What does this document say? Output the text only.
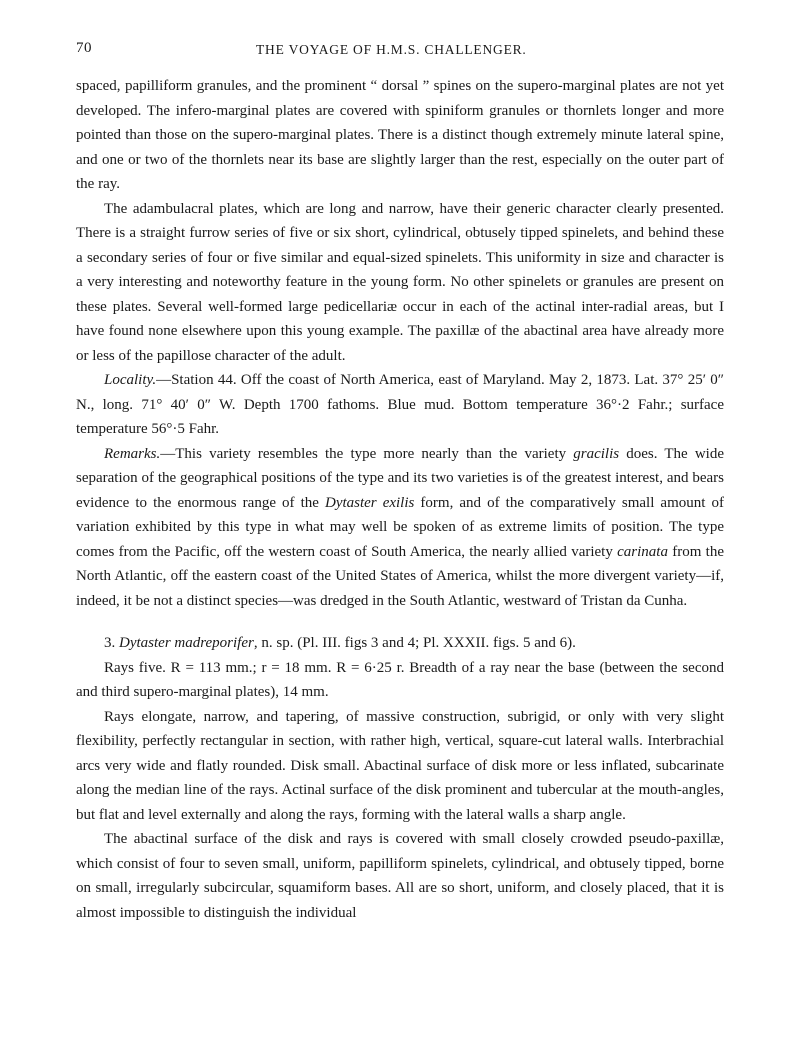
70	THE VOYAGE OF H.M.S. CHALLENGER.

spaced, papilliform granules, and the prominent “ dorsal ” spines on the supero-marginal plates are not yet developed. The infero-marginal plates are covered with spiniform granules or thornlets longer and more pointed than those on the supero-marginal plates. There is a distinct though extremely minute lateral spine, and one or two of the thornlets near its base are slightly larger than the rest, especially on the outer part of the ray.

The adambulacral plates, which are long and narrow, have their generic character clearly presented. There is a straight furrow series of five or six short, cylindrical, obtusely tipped spinelets, and behind these a secondary series of four or five similar and equal-sized spinelets. This uniformity in size and character is a very interesting and noteworthy feature in the young form. No other spinelets or granules are present on these plates. Several well-formed large pedicellariæ occur in each of the actinal inter-radial areas, but I have found none elsewhere upon this young example. The paxillæ of the abactinal area have already more or less of the papillose character of the adult.

Locality.—Station 44. Off the coast of North America, east of Maryland. May 2, 1873. Lat. 37° 25′ 0″ N., long. 71° 40′ 0″ W. Depth 1700 fathoms. Blue mud. Bottom temperature 36°·2 Fahr.; surface temperature 56°·5 Fahr.

Remarks.—This variety resembles the type more nearly than the variety gracilis does. The wide separation of the geographical positions of the type and its two varieties is of the greatest interest, and bears evidence to the enormous range of the Dytaster exilis form, and of the comparatively small amount of variation exhibited by this type in what may well be spoken of as extreme limits of position. The type comes from the Pacific, off the western coast of South America, the nearly allied variety carinata from the North Atlantic, off the eastern coast of the United States of America, whilst the more divergent variety—if, indeed, it be not a distinct species—was dredged in the South Atlantic, westward of Tristan da Cunha.

3. Dytaster madreporifer, n. sp. (Pl. III. figs 3 and 4; Pl. XXXII. figs. 5 and 6).

Rays five. R = 113 mm.; r = 18 mm. R = 6·25 r. Breadth of a ray near the base (between the second and third supero-marginal plates), 14 mm.

Rays elongate, narrow, and tapering, of massive construction, subrigid, or only with very slight flexibility, perfectly rectangular in section, with rather high, vertical, square-cut lateral walls. Interbrachial arcs very wide and flatly rounded. Disk small. Abactinal surface of disk more or less inflated, subcarinate along the median line of the rays. Actinal surface of the disk prominent and tubercular at the mouth-angles, but flat and level externally and along the rays, forming with the lateral walls a sharp angle.

The abactinal surface of the disk and rays is covered with small closely crowded pseudo-paxillæ, which consist of four to seven small, uniform, papilliform spinelets, cylindrical, and obtusely tipped, borne on small, irregularly subcircular, squamiform bases. All are so short, uniform, and closely placed, that it is almost impossible to distinguish the individual
